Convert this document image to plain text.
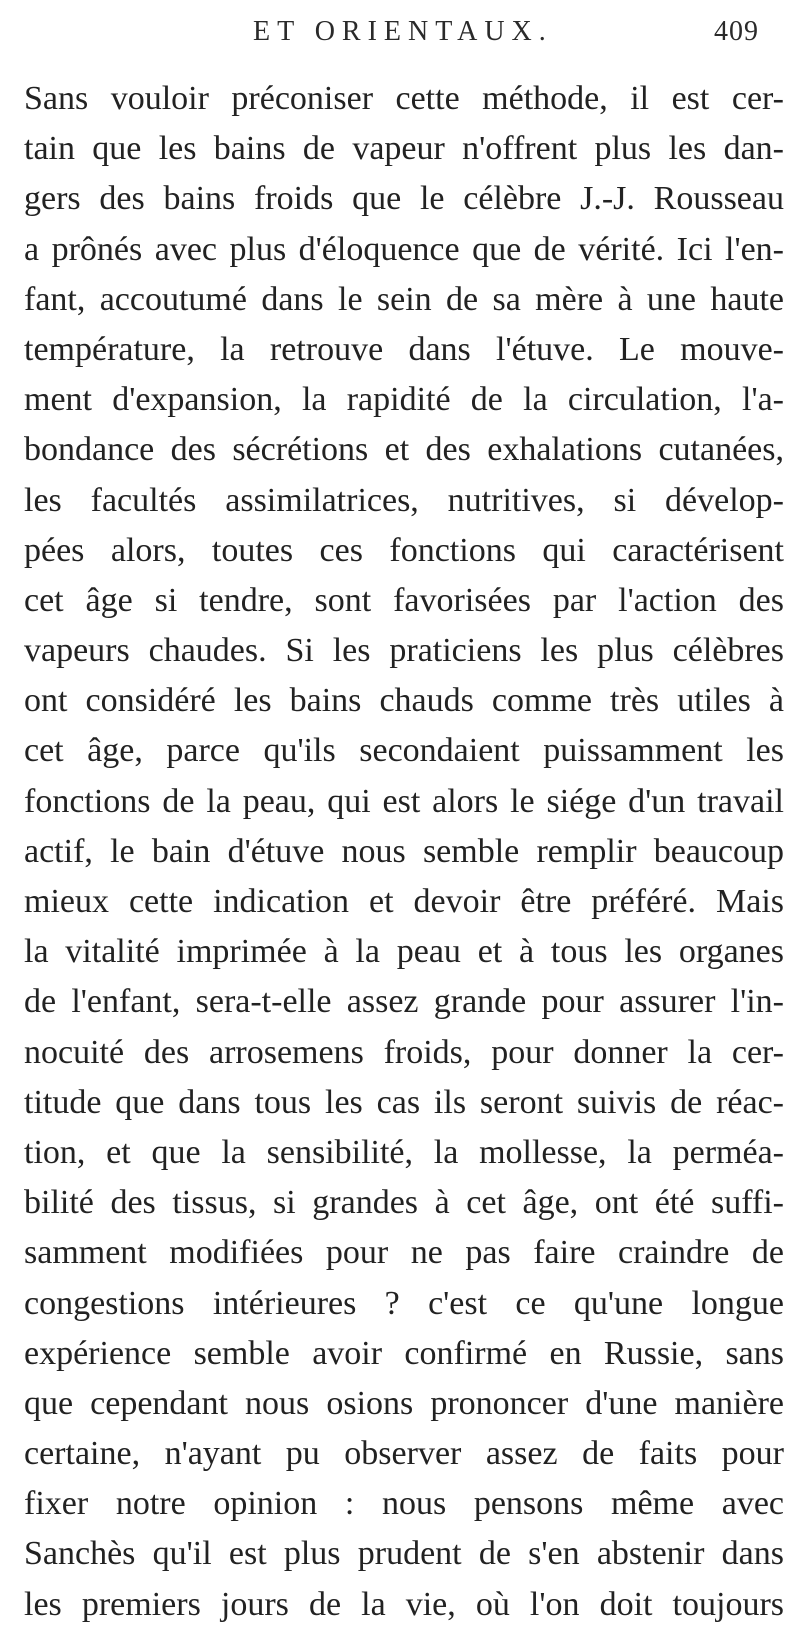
ET ORIENTAUX.	409
Sans vouloir préconiser cette méthode, il est cer-
tain que les bains de vapeur n'offrent plus les dan-
gers des bains froids que le célèbre J.-J. Rousseau
a prônés avec plus d'éloquence que de vérité. Ici l'en-
fant, accoutumé dans le sein de sa mère à une haute
température, la retrouve dans l'étuve. Le mouve-
ment d'expansion, la rapidité de la circulation, l'a-
bondance des sécrétions et des exhalations cutanées,
les facultés assimilatrices, nutritives, si dévelop-
pées alors, toutes ces fonctions qui caractérisent
cet âge si tendre, sont favorisées par l'action des
vapeurs chaudes. Si les praticiens les plus célèbres
ont considéré les bains chauds comme très utiles à
cet âge, parce qu'ils secondaient puissamment les
fonctions de la peau, qui est alors le siége d'un travail
actif, le bain d'étuve nous semble remplir beaucoup
mieux cette indication et devoir être préféré. Mais
la vitalité imprimée à la peau et à tous les organes
de l'enfant, sera-t-elle assez grande pour assurer l'in-
nocuité des arrosemens froids, pour donner la cer-
titude que dans tous les cas ils seront suivis de réac-
tion, et que la sensibilité, la mollesse, la perméa-
bilité des tissus, si grandes à cet âge, ont été suffi-
samment modifiées pour ne pas faire craindre de
congestions intérieures ? c'est ce qu'une longue
expérience semble avoir confirmé en Russie, sans
que cependant nous osions prononcer d'une manière
certaine, n'ayant pu observer assez de faits pour
fixer notre opinion : nous pensons même avec
Sanchès qu'il est plus prudent de s'en abstenir dans
les premiers jours de la vie, où l'on doit toujours
